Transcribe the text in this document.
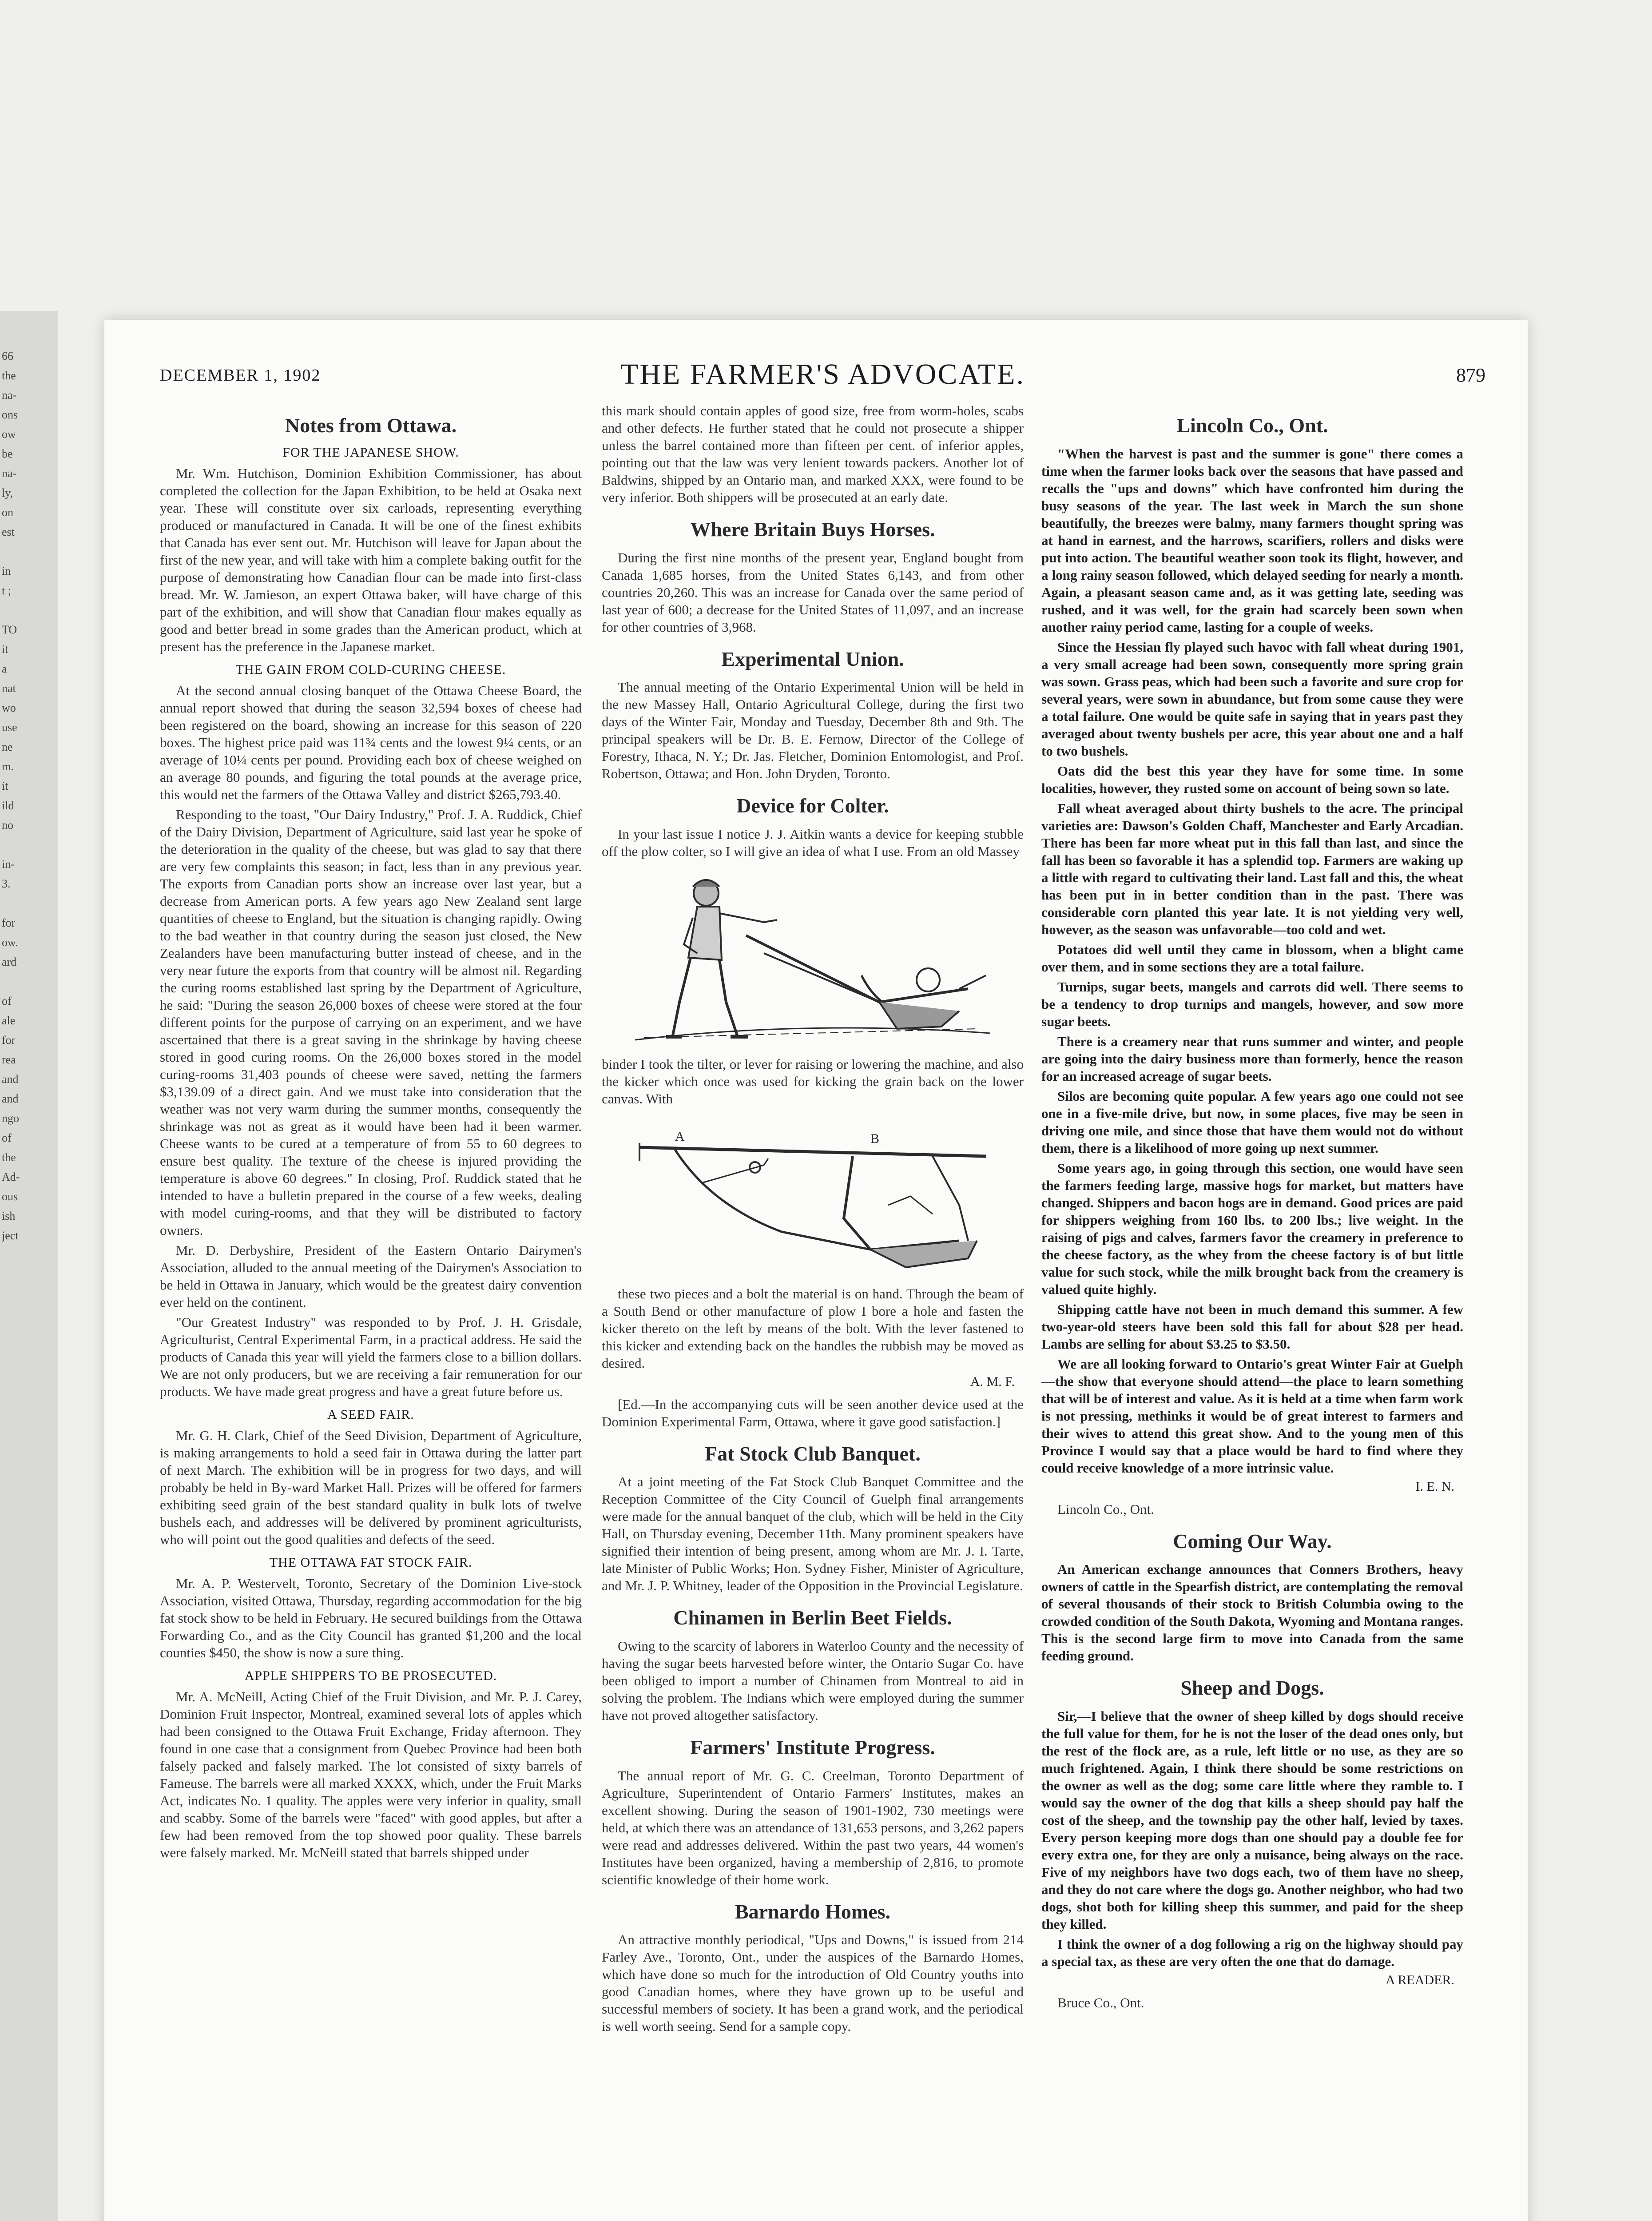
66
the
na-
ons
ow
be
na-
ly,
on
est
in
t ;
TO
it
a
nat
wo
use
ne
m.
it
ild
no
in-
3.
for
ow.
ard
of
ale
for
rea
and
and
ngo
of
the
Ad-
ous
ish
ject
DECEMBER 1, 1902	THE FARMER'S ADVOCATE.	879
Notes from Ottawa.
FOR THE JAPANESE SHOW.

Mr. Wm. Hutchison, Dominion Exhibition Commissioner, has about completed the collection for the Japan Exhibition, to be held at Osaka next year. These will constitute over six carloads, representing everything produced or manufactured in Canada. It will be one of the finest exhibits that Canada has ever sent out. Mr. Hutchison will leave for Japan about the first of the new year, and will take with him a complete baking outfit for the purpose of demonstrating how Canadian flour can be made into first-class bread. Mr. W. Jamieson, an expert Ottawa baker, will have charge of this part of the exhibition, and will show that Canadian flour makes equally as good and better bread in some grades than the American product, which at present has the preference in the Japanese market.

THE GAIN FROM COLD-CURING CHEESE.

At the second annual closing banquet of the Ottawa Cheese Board, the annual report showed that during the season 32,594 boxes of cheese had been registered on the board, showing an increase for this season of 220 boxes. The highest price paid was 11¾ cents and the lowest 9¼ cents, or an average of 10¼ cents per pound. Providing each box of cheese weighed on an average 80 pounds, and figuring the total pounds at the average price, this would net the farmers of the Ottawa Valley and district $265,793.40.

Responding to the toast, "Our Dairy Industry," Prof. J. A. Ruddick, Chief of the Dairy Division, Department of Agriculture, said last year he spoke of the deterioration in the quality of the cheese, but was glad to say that there are very few complaints this season; in fact, less than in any previous year. The exports from Canadian ports show an increase over last year, but a decrease from American ports. A few years ago New Zealand sent large quantities of cheese to England, but the situation is changing rapidly. Owing to the bad weather in that country during the season just closed, the New Zealanders have been manufacturing butter instead of cheese, and in the very near future the exports from that country will be almost nil. Regarding the curing rooms established last spring by the Department of Agriculture, he said: "During the season 26,000 boxes of cheese were stored at the four different points for the purpose of carrying on an experiment, and we have ascertained that there is a great saving in the shrinkage by having cheese stored in good curing rooms. On the 26,000 boxes stored in the model curing-rooms 31,403 pounds of cheese were saved, netting the farmers $3,139.09 of a direct gain. And we must take into consideration that the weather was not very warm during the summer months, consequently the shrinkage was not as great as it would have been had it been warmer. Cheese wants to be cured at a temperature of from 55 to 60 degrees to ensure best quality. The texture of the cheese is injured providing the temperature is above 60 degrees." In closing, Prof. Ruddick stated that he intended to have a bulletin prepared in the course of a few weeks, dealing with model curing-rooms, and that they will be distributed to factory owners.

Mr. D. Derbyshire, President of the Eastern Ontario Dairymen's Association, alluded to the annual meeting of the Dairymen's Association to be held in Ottawa in January, which would be the greatest dairy convention ever held on the continent.

"Our Greatest Industry" was responded to by Prof. J. H. Grisdale, Agriculturist, Central Experimental Farm, in a practical address. He said the products of Canada this year will yield the farmers close to a billion dollars. We are not only producers, but we are receiving a fair remuneration for our products. We have made great progress and have a great future before us.

A SEED FAIR.

Mr. G. H. Clark, Chief of the Seed Division, Department of Agriculture, is making arrangements to hold a seed fair in Ottawa during the latter part of next March. The exhibition will be in progress for two days, and will probably be held in By-ward Market Hall. Prizes will be offered for farmers exhibiting seed grain of the best standard quality in bulk lots of twelve bushels each, and addresses will be delivered by prominent agriculturists, who will point out the good qualities and defects of the seed.

THE OTTAWA FAT STOCK FAIR.

Mr. A. P. Westervelt, Toronto, Secretary of the Dominion Live-stock Association, visited Ottawa, Thursday, regarding accommodation for the big fat stock show to be held in February. He secured buildings from the Ottawa Forwarding Co., and as the City Council has granted $1,200 and the local counties $450, the show is now a sure thing.

APPLE SHIPPERS TO BE PROSECUTED.

Mr. A. McNeill, Acting Chief of the Fruit Division, and Mr. P. J. Carey, Dominion Fruit Inspector, Montreal, examined several lots of apples which had been consigned to the Ottawa Fruit Exchange, Friday afternoon. They found in one case that a consignment from Quebec Province had been both falsely packed and falsely marked. The lot consisted of sixty barrels of Fameuse. The barrels were all marked XXXX, which, under the Fruit Marks Act, indicates No. 1 quality. The apples were very inferior in quality, small and scabby. Some of the barrels were "faced" with good apples, but after a few had been removed from the top showed poor quality. These barrels were falsely marked. Mr. McNeill stated that barrels shipped under

this mark should contain apples of good size, free from worm-holes, scabs and other defects. He further stated that he could not prosecute a shipper unless the barrel contained more than fifteen per cent. of inferior apples, pointing out that the law was very lenient towards packers. Another lot of Baldwins, shipped by an Ontario man, and marked XXX, were found to be very inferior. Both shippers will be prosecuted at an early date.

Where Britain Buys Horses.

During the first nine months of the present year, England bought from Canada 1,685 horses, from the United States 6,143, and from other countries 20,260. This was an increase for Canada over the same period of last year of 600; a decrease for the United States of 11,097, and an increase for other countries of 3,968.

Experimental Union.

The annual meeting of the Ontario Experimental Union will be held in the new Massey Hall, Ontario Agricultural College, during the first two days of the Winter Fair, Monday and Tuesday, December 8th and 9th. The principal speakers will be Dr. B. E. Fernow, Director of the College of Forestry, Ithaca, N. Y.; Dr. Jas. Fletcher, Dominion Entomologist, and Prof. Robertson, Ottawa; and Hon. John Dryden, Toronto.

Device for Colter.

In your last issue I notice J. J. Aitkin wants a device for keeping stubble off the plow colter, so I will give an idea of what I use. From an old Massey

binder I took the tilter, or lever for raising or lowering the machine, and also the kicker which once was used for kicking the grain back on the lower canvas. With

A	B

these two pieces and a bolt the material is on hand. Through the beam of a South Bend or other manufacture of plow I bore a hole and fasten the kicker thereto on the left by means of the bolt. With the lever fastened to this kicker and extending back on the handles the rubbish may be moved as desired.

A. M. F.

[Ed.—In the accompanying cuts will be seen another device used at the Dominion Experimental Farm, Ottawa, where it gave good satisfaction.]

Fat Stock Club Banquet.

At a joint meeting of the Fat Stock Club Banquet Committee and the Reception Committee of the City Council of Guelph final arrangements were made for the annual banquet of the club, which will be held in the City Hall, on Thursday evening, December 11th. Many prominent speakers have signified their intention of being present, among whom are Mr. J. I. Tarte, late Minister of Public Works; Hon. Sydney Fisher, Minister of Agriculture, and Mr. J. P. Whitney, leader of the Opposition in the Provincial Legislature.

Chinamen in Berlin Beet Fields.

Owing to the scarcity of laborers in Waterloo County and the necessity of having the sugar beets harvested before winter, the Ontario Sugar Co. have been obliged to import a number of Chinamen from Montreal to aid in solving the problem. The Indians which were employed during the summer have not proved altogether satisfactory.

Farmers' Institute Progress.

The annual report of Mr. G. C. Creelman, Toronto Department of Agriculture, Superintendent of Ontario Farmers' Institutes, makes an excellent showing. During the season of 1901-1902, 730 meetings were held, at which there was an attendance of 131,653 persons, and 3,262 papers were read and addresses delivered. Within the past two years, 44 women's Institutes have been organized, having a membership of 2,816, to promote scientific knowledge of their home work.

Barnardo Homes.

An attractive monthly periodical, "Ups and Downs," is issued from 214 Farley Ave., Toronto, Ont., under the auspices of the Barnardo Homes, which have done so much for the introduction of Old Country youths into good Canadian homes, where they have grown up to be useful and successful members of society. It has been a grand work, and the periodical is well worth seeing. Send for a sample copy.

Lincoln Co., Ont.

"When the harvest is past and the summer is gone" there comes a time when the farmer looks back over the seasons that have passed and recalls the "ups and downs" which have confronted him during the busy seasons of the year. The last week in March the sun shone beautifully, the breezes were balmy, many farmers thought spring was at hand in earnest, and the harrows, scarifiers, rollers and disks were put into action. The beautiful weather soon took its flight, however, and a long rainy season followed, which delayed seeding for nearly a month. Again, a pleasant season came and, as it was getting late, seeding was rushed, and it was well, for the grain had scarcely been sown when another rainy period came, lasting for a couple of weeks.

Since the Hessian fly played such havoc with fall wheat during 1901, a very small acreage had been sown, consequently more spring grain was sown. Grass peas, which had been such a favorite and sure crop for several years, were sown in abundance, but from some cause they were a total failure. One would be quite safe in saying that in years past they averaged about twenty bushels per acre, this year about one and a half to two bushels.

Oats did the best this year they have for some time. In some localities, however, they rusted some on account of being sown so late.

Fall wheat averaged about thirty bushels to the acre. The principal varieties are: Dawson's Golden Chaff, Manchester and Early Arcadian. There has been far more wheat put in this fall than last, and since the fall has been so favorable it has a splendid top. Farmers are waking up a little with regard to cultivating their land. Last fall and this, the wheat has been put in in better condition than in the past. There was considerable corn planted this year late. It is not yielding very well, however, as the season was unfavorable—too cold and wet.

Potatoes did well until they came in blossom, when a blight came over them, and in some sections they are a total failure.

Turnips, sugar beets, mangels and carrots did well. There seems to be a tendency to drop turnips and mangels, however, and sow more sugar beets.

There is a creamery near that runs summer and winter, and people are going into the dairy business more than formerly, hence the reason for an increased acreage of sugar beets.

Silos are becoming quite popular. A few years ago one could not see one in a five-mile drive, but now, in some places, five may be seen in driving one mile, and since those that have them would not do without them, there is a likelihood of more going up next summer.

Some years ago, in going through this section, one would have seen the farmers feeding large, massive hogs for market, but matters have changed. Shippers and bacon hogs are in demand. Good prices are paid for shippers weighing from 160 lbs. to 200 lbs.; live weight. In the raising of pigs and calves, farmers favor the creamery in preference to the cheese factory, as the whey from the cheese factory is of but little value for such stock, while the milk brought back from the creamery is valued quite highly.

Shipping cattle have not been in much demand this summer. A few two-year-old steers have been sold this fall for about $28 per head. Lambs are selling for about $3.25 to $3.50.

We are all looking forward to Ontario's great Winter Fair at Guelph—the show that everyone should attend—the place to learn something that will be of interest and value. As it is held at a time when farm work is not pressing, methinks it would be of great interest to farmers and their wives to attend this great show. And to the young men of this Province I would say that a place would be hard to find where they could receive knowledge of a more intrinsic value.

I. E. N.

Lincoln Co., Ont.

Coming Our Way.

An American exchange announces that Conners Brothers, heavy owners of cattle in the Spearfish district, are contemplating the removal of several thousands of their stock to British Columbia owing to the crowded condition of the South Dakota, Wyoming and Montana ranges. This is the second large firm to move into Canada from the same feeding ground.

Sheep and Dogs.

Sir,—I believe that the owner of sheep killed by dogs should receive the full value for them, for he is not the loser of the dead ones only, but the rest of the flock are, as a rule, left little or no use, as they are so much frightened. Again, I think there should be some restrictions on the owner as well as the dog; some care little where they ramble to. I would say the owner of the dog that kills a sheep should pay half the cost of the sheep, and the township pay the other half, levied by taxes. Every person keeping more dogs than one should pay a double fee for every extra one, for they are only a nuisance, being always on the race. Five of my neighbors have two dogs each, two of them have no sheep, and they do not care where the dogs go. Another neighbor, who had two dogs, shot both for killing sheep this summer, and paid for the sheep they killed.

I think the owner of a dog following a rig on the highway should pay a special tax, as these are very often the one that do damage.

A READER.

Bruce Co., Ont.
